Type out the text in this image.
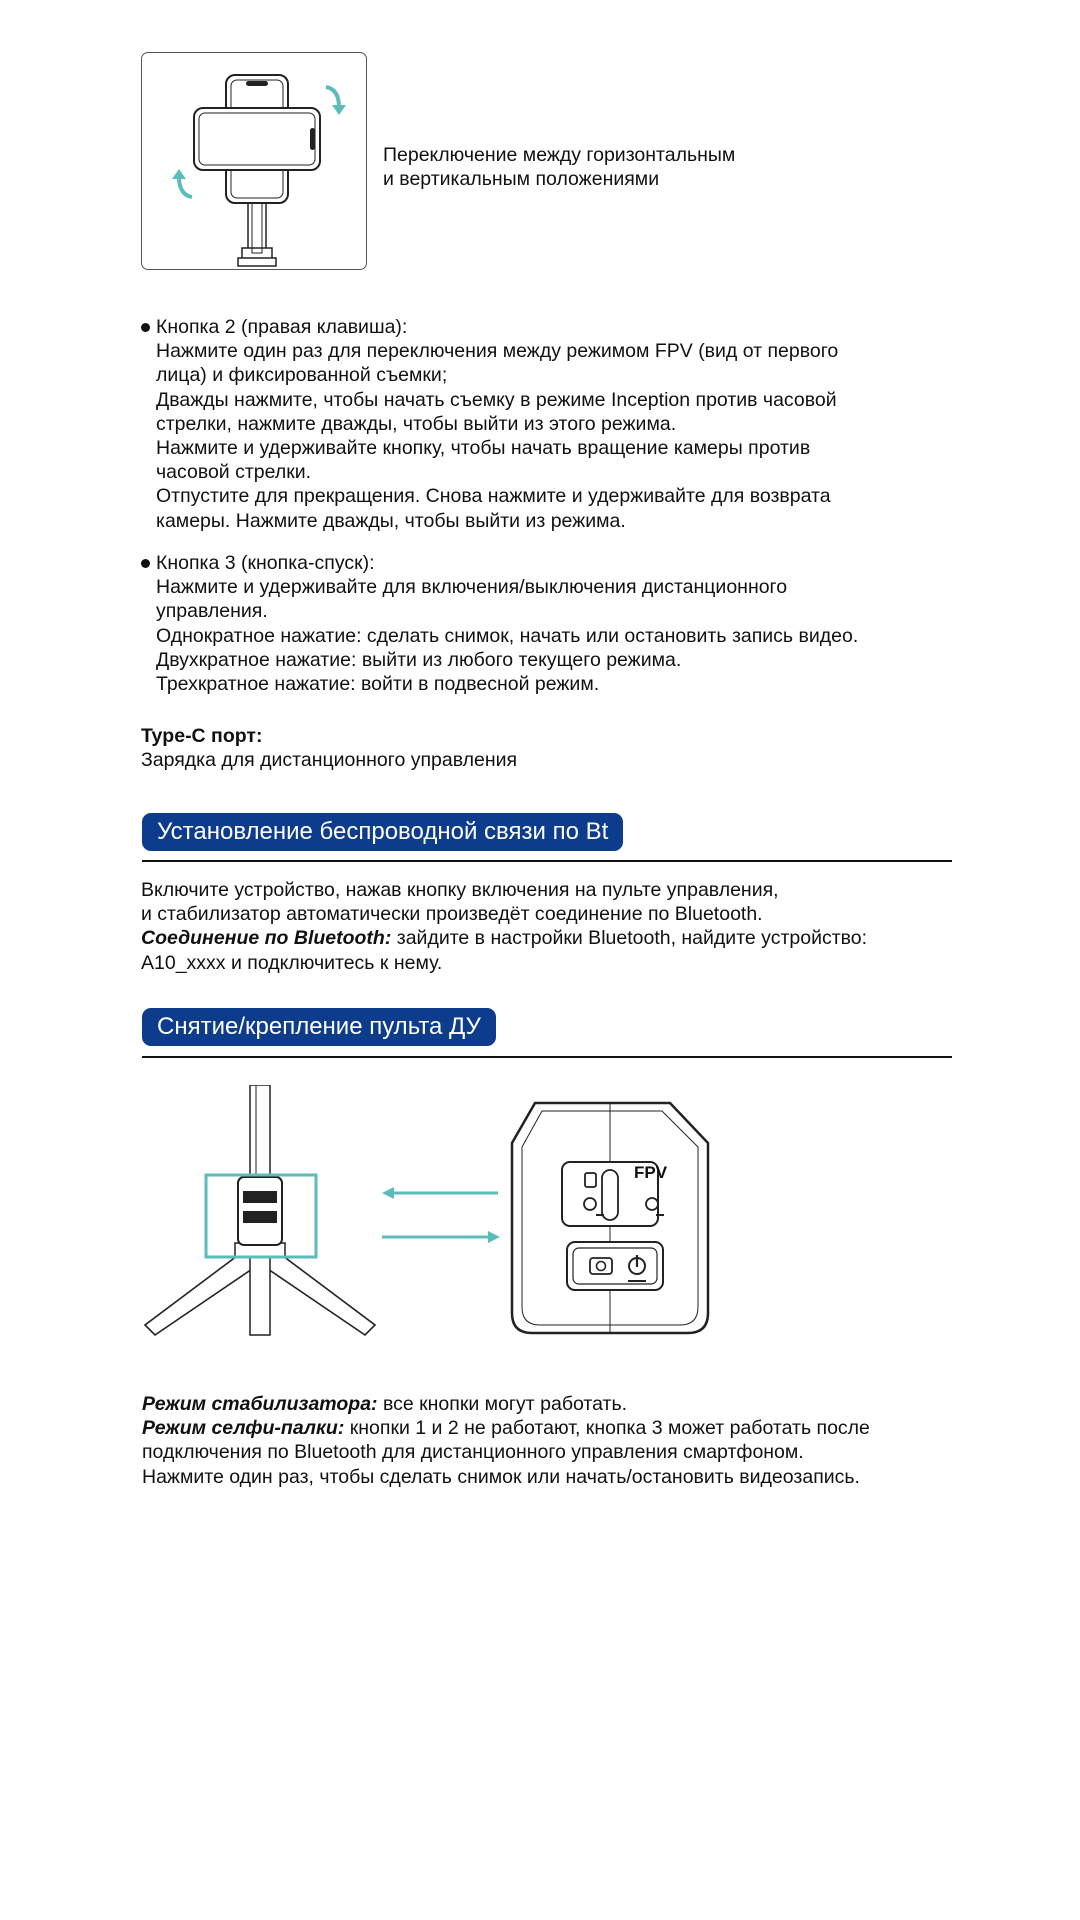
Переключение между горизонтальным
и вертикальным положениями
Кнопка 2 (правая клавиша):
Нажмите один раз для переключения между режимом FPV (вид от первого
лица) и фиксированной съемки;
Дважды нажмите, чтобы начать съемку в режиме Inception против часовой
стрелки, нажмите дважды, чтобы выйти из этого режима.
Нажмите и удерживайте кнопку, чтобы начать вращение камеры против
часовой стрелки.
Отпустите для прекращения. Снова нажмите и удерживайте для возврата
камеры. Нажмите дважды, чтобы выйти из режима.
Кнопка 3 (кнопка-спуск):
Нажмите и удерживайте для включения/выключения дистанционного
управления.
Однократное нажатие: сделать снимок, начать или остановить запись видео.
Двухкратное нажатие: выйти из любого текущего режима.
Трехкратное нажатие: войти в подвесной режим.
Type-C порт:
Зарядка для дистанционного управления
Установление беспроводной связи по Bt
Включите устройство, нажав кнопку включения на пульте управления,
и стабилизатор автоматически произведёт соединение по Bluetooth.
Соединение по Bluetooth: зайдите в настройки Bluetooth, найдите устройство:
A10_xxxx и подключитесь к нему.
Снятие/крепление пульта ДУ
FPV
Режим стабилизатора: все кнопки могут работать.
Режим селфи-палки: кнопки 1 и 2 не работают, кнопка 3 может работать после
подключения по Bluetooth для дистанционного управления смартфоном.
Нажмите один раз, чтобы сделать снимок или начать/остановить видеозапись.
